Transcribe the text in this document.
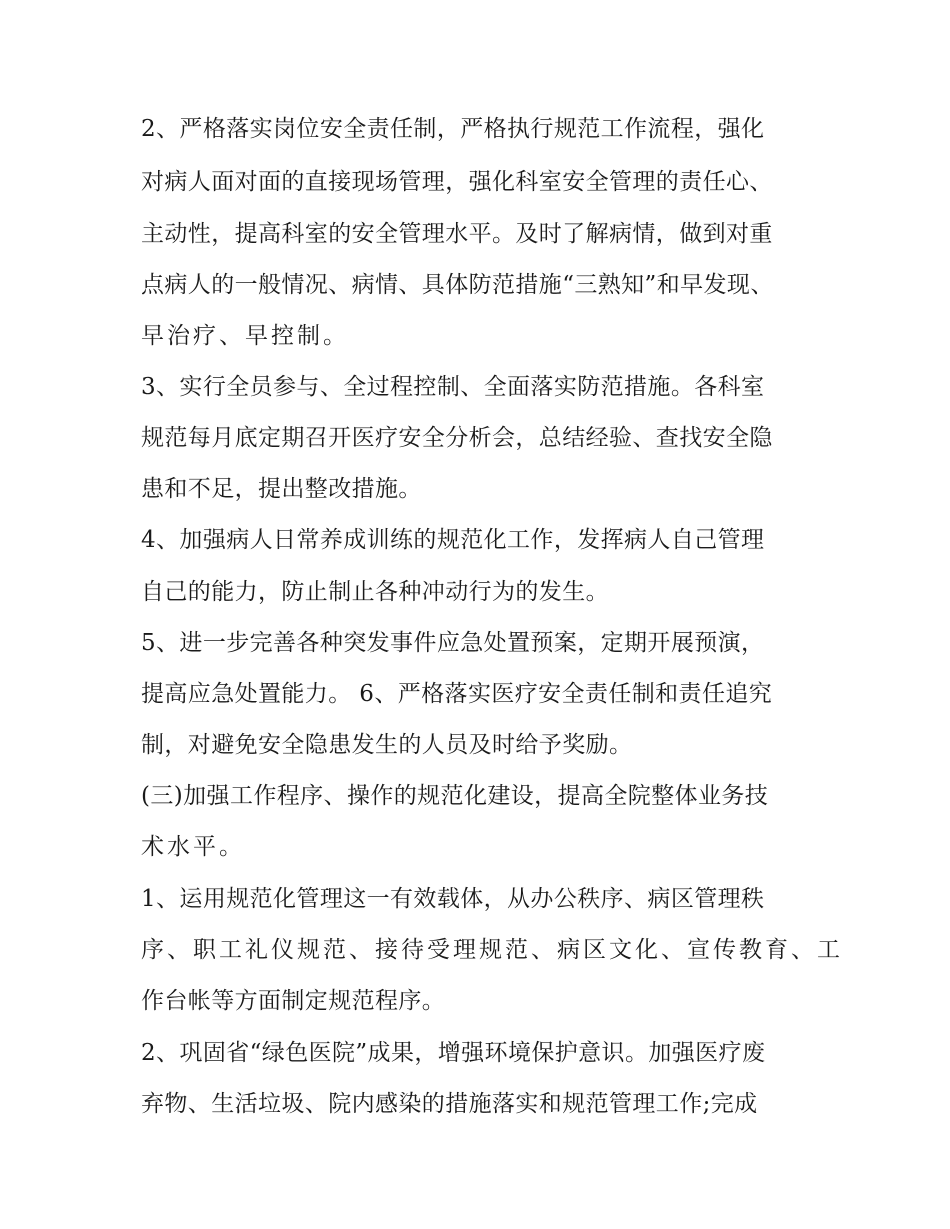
2、严格落实岗位安全责任制，严格执行规范工作流程，强化
对病人面对面的直接现场管理，强化科室安全管理的责任心、
主动性，提高科室的安全管理水平。及时了解病情，做到对重
点病人的一般情况、病情、具体防范措施“三熟知”和早发现、
早治疗、早控制。
3、实行全员参与、全过程控制、全面落实防范措施。各科室
规范每月底定期召开医疗安全分析会，总结经验、查找安全隐
患和不足，提出整改措施。
4、加强病人日常养成训练的规范化工作，发挥病人自己管理
自己的能力，防止制止各种冲动行为的发生。
5、进一步完善各种突发事件应急处置预案，定期开展预演，
提高应急处置能力。 6、严格落实医疗安全责任制和责任追究
制，对避免安全隐患发生的人员及时给予奖励。
(三)加强工作程序、操作的规范化建设，提高全院整体业务技
术水平。
1、运用规范化管理这一有效载体，从办公秩序、病区管理秩
序、职工礼仪规范、接待受理规范、病区文化、宣传教育、工
作台帐等方面制定规范程序。
2、巩固省“绿色医院”成果，增强环境保护意识。加强医疗废
弃物、生活垃圾、院内感染的措施落实和规范管理工作;完成
